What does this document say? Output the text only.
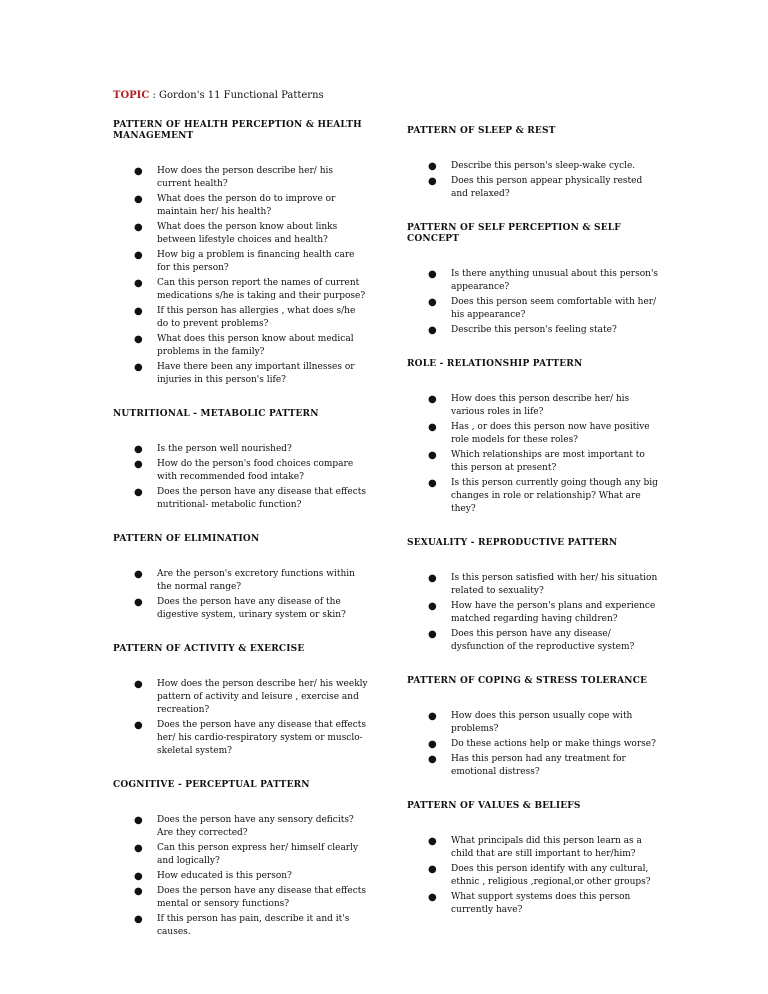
TOPIC : Gordon's 11 Functional Patterns
PATTERN OF HEALTH PERCEPTION & HEALTH MANAGEMENT
● How does the person describe her/ his current health?
● What does the person do to improve or maintain her/ his health?
● What does the person know about links between lifestyle choices and health?
● How big a problem is financing health care for this person?
● Can this person report the names of current medications s/he is taking and their purpose?
● If this person has allergies , what does s/he do to prevent problems?
● What does this person know about medical problems in the family?
● Have there been any important illnesses or injuries in this person's life?
NUTRITIONAL - METABOLIC PATTERN
● Is the person well nourished?
● How do the person's food choices compare with recommended food intake?
● Does the person have any disease that effects nutritional- metabolic function?
PATTERN OF ELIMINATION
● Are the person's excretory functions within the normal range?
● Does the person have any disease of the digestive system, urinary system or skin?
PATTERN OF ACTIVITY & EXERCISE
● How does the person describe her/ his weekly pattern of activity and leisure , exercise and recreation?
● Does the person have any disease that effects her/ his cardio-respiratory system or musclo-skeletal system?
COGNITIVE - PERCEPTUAL PATTERN
● Does the person have any sensory deficits? Are they corrected?
● Can this person express her/ himself clearly and logically?
● How educated is this person?
● Does the person have any disease that effects mental or sensory functions?
● If this person has pain, describe it and it's causes.
PATTERN OF SLEEP & REST
● Describe this person's sleep-wake cycle.
● Does this person appear physically rested and relaxed?
PATTERN OF SELF PERCEPTION & SELF CONCEPT
● Is there anything unusual about this person's appearance?
● Does this person seem comfortable with her/ his appearance?
● Describe this person's feeling state?
ROLE - RELATIONSHIP PATTERN
● How does this person describe her/ his various roles in life?
● Has , or does this person now have positive role models for these roles?
● Which relationships are most important to this person at present?
● Is this person currently going though any big changes in role or relationship? What are they?
SEXUALITY - REPRODUCTIVE PATTERN
● Is this person satisfied with her/ his situation related to sexuality?
● How have the person's plans and experience matched regarding having children?
● Does this person have any disease/ dysfunction of the reproductive system?
PATTERN OF COPING & STRESS TOLERANCE
● How does this person usually cope with problems?
● Do these actions help or make things worse?
● Has this person had any treatment for emotional distress?
PATTERN OF VALUES & BELIEFS
● What principals did this person learn as a child that are still important to her/him?
● Does this person identify with any cultural, ethnic , religious ,regional,or other groups?
● What support systems does this person currently have?
